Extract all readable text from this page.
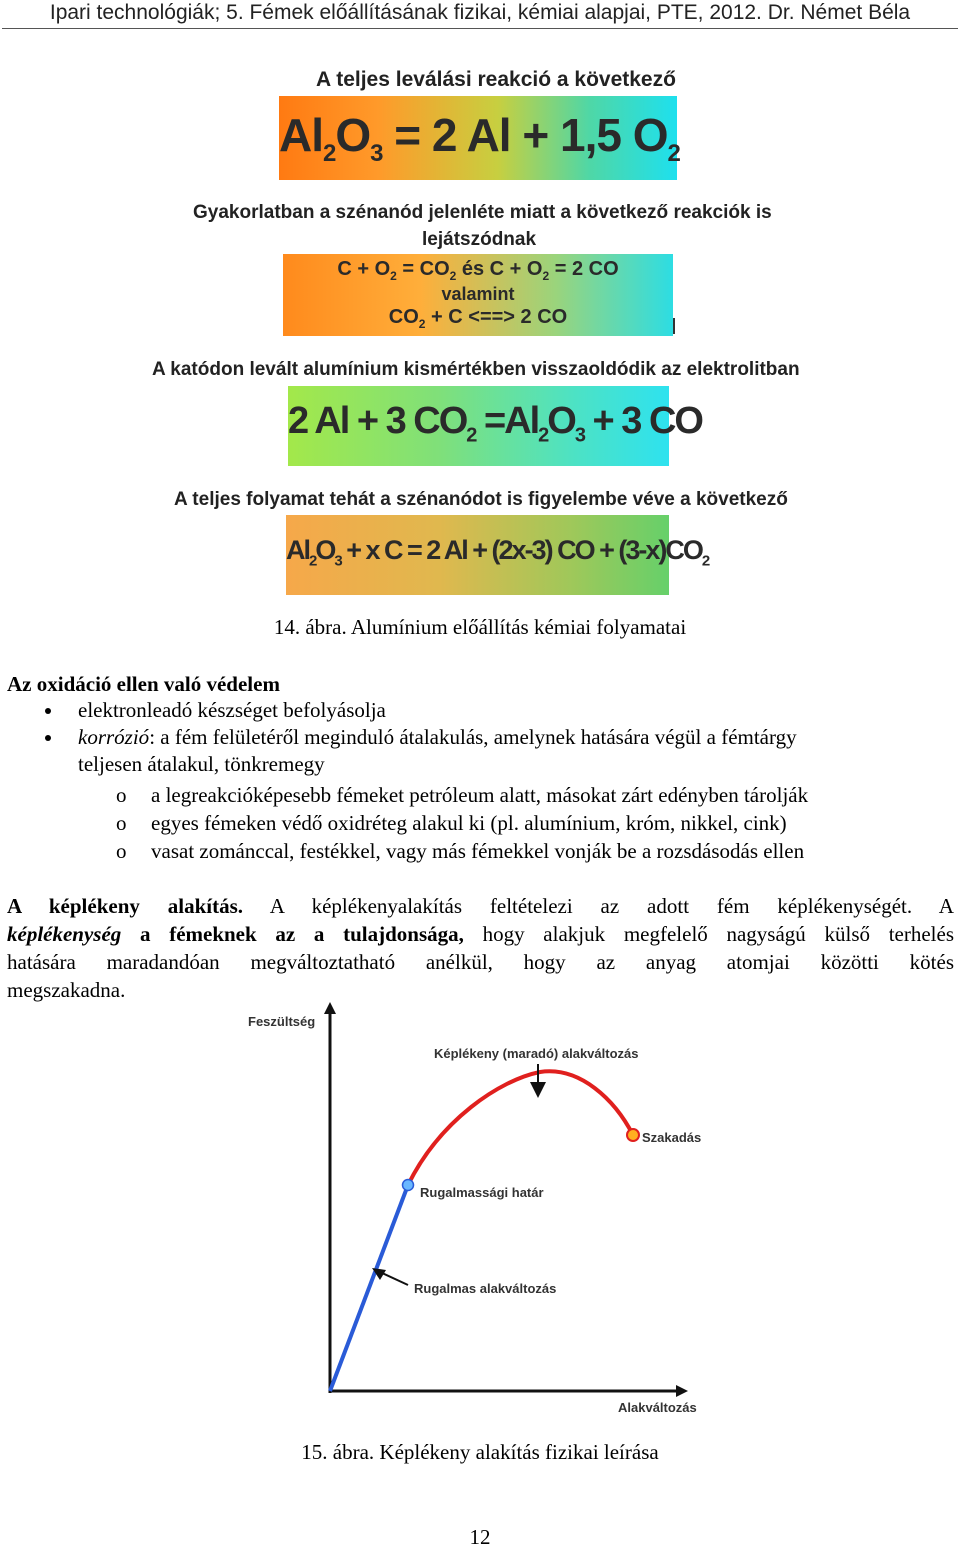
Ipari technológiák; 5. Fémek előállításának fizikai, kémiai alapjai, PTE, 2012. Dr. Német Béla
A teljes leválási reakció a következő
$Al_2O_3 = 2$ Al + 1,5 $O_2$
Gyakorlatban a szénanód jelenléte miatt a következő reakciók is
lejátszódnak
$C + O_2 = CO_2$ és $C + O_2 = 2$ CO
valamint
$CO_2 + C$ <==> 2 CO
A katódon levált alumínium kismértékben visszaoldódik az elektrolitban
2 Al + 3 $CO_2 =Al_2O_3 + 3$ CO
A teljes folyamat tehát a szénanódot is figyelembe véve a következő
$Al_2O_3 + x$ C = 2 Al + (2x-3) CO + $(3-x)CO_2$
14. ábra. Alumínium előállítás kémiai folyamatai
Az oxidáció ellen való védelem
elektronleadó készséget befolyásolja
korrózió: a fém felületéről meginduló átalakulás, amelynek hatására végül a fémtárgy
teljesen átalakul, tönkremegy
o a legreakcióképesebb fémeket petróleum alatt, másokat zárt edényben tárolják
o egyes fémeken védő oxidréteg alakul ki (pl. alumínium, króm, nikkel, cink)
o vasat zománccal, festékkel, vagy más fémekkel vonják be a rozsdásodás ellen
A képlékeny alakítás. A képlékenyalakítás feltételezi az adott fém képlékenységét. A
képlékenység a fémeknek az a tulajdonsága, hogy alakjuk megfelelő nagyságú külső terhelés
hatására maradandóan megváltoztatható anélkül, hogy az anyag atomjai közötti kötés
megszakadna.
Feszültség
Alakváltozás
Képlékeny (maradó) alakváltozás
Szakadás
Rugalmassági határ
Rugalmas alakváltozás
15. ábra. Képlékeny alakítás fizikai leírása
12
